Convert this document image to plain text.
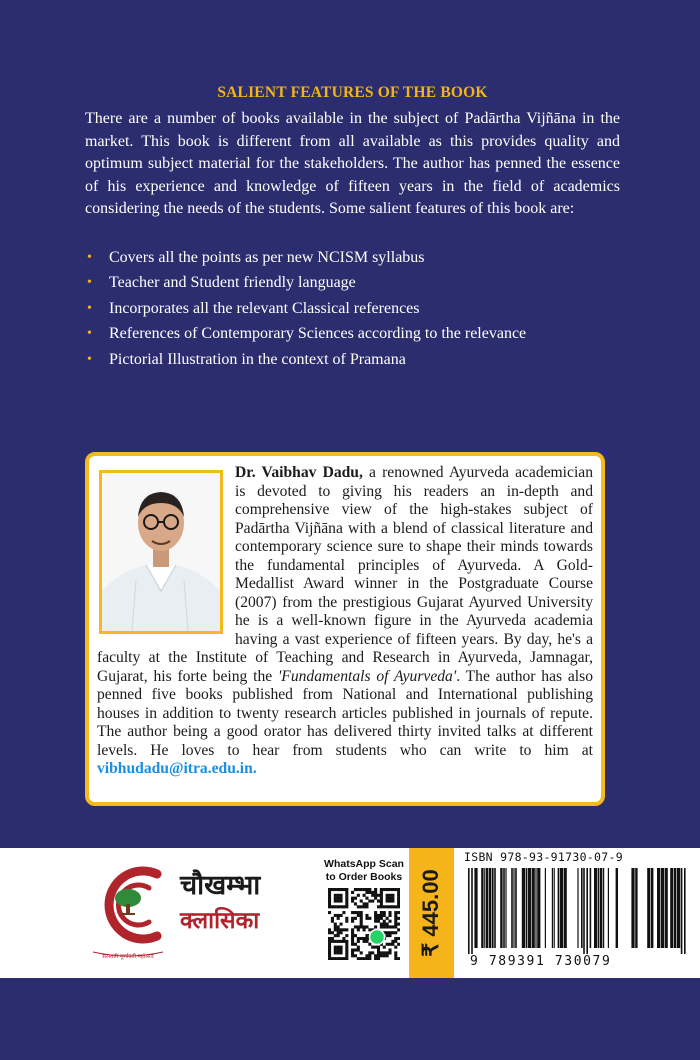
SALIENT FEATURES OF THE BOOK

There are a number of books available in the subject of Padārtha Vijñāna in the market. This book is different from all available as this provides quality and optimum subject material for the stakeholders. The author has penned the essence of his experience and knowledge of fifteen years in the field of academics considering the needs of the students. Some salient features of this book are:

• Covers all the points as per new NCISM syllabus
• Teacher and Student friendly language
• Incorporates all the relevant Classical references
• References of Contemporary Sciences according to the relevance
• Pictorial Illustration in the context of Pramana

Dr. Vaibhav Dadu, a renowned Ayurveda academician is devoted to giving his readers an in-depth and comprehensive view of the high-stakes subject of Padārtha Vijñāna with a blend of classical literature and contemporary science sure to shape their minds towards the fundamental principles of Ayurveda. A Gold-Medallist Award winner in the Postgraduate Course (2007) from the prestigious Gujarat Ayurved University he is a well-known figure in the Ayurveda academia having a vast experience of fifteen years. By day, he's a faculty at the Institute of Teaching and Research in Ayurveda, Jamnagar, Gujarat, his forte being the 'Fundamentals of Ayurveda'. The author has also penned five books published from National and International publishing houses in addition to twenty research articles published in journals of repute. The author being a good orator has delivered thirty invited talks at different levels. He loves to hear from students who can write to him at vibhudadu@itra.edu.in.

सरस्वती पूर्णावती महोत्सव
चौखम्भा
क्लासिका
WhatsApp Scan
to Order Books ₹ 445.00
ISBN 978-93-91730-07-9
9 789391 730079
